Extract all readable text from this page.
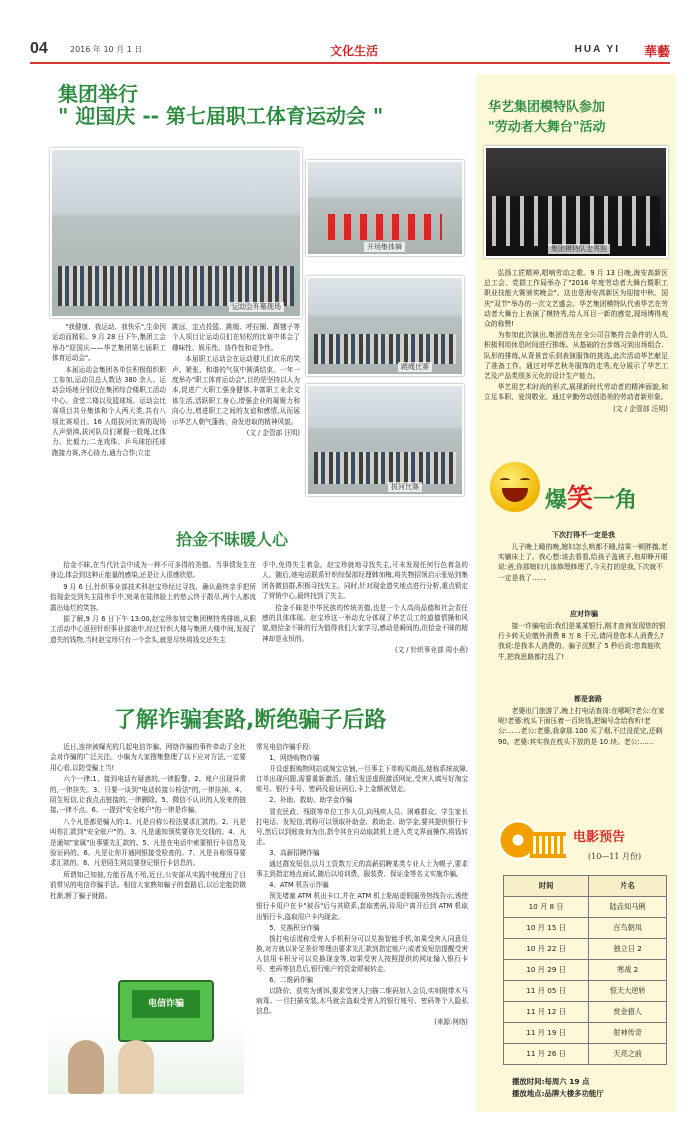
04	2016 年 10 月 1 日	文化生活	HUA YI 華藝
集团举行
" 迎国庆 -- 第七届职工体育运动会 "
运动会开幕现场
开场集体舞
跳绳比赛
拔河比赛

"我健康、我运动、我快乐",生命因运动而精彩。9 月 28 日下午,集团工会举办"迎国庆——华艺集团第七届职工体育运动会"。

本届运动会集团各单位积极组织职工参加,运动员总人数达 380 余人。运动会场地分别设在集团综合楼职工活动中心、食堂二楼以及篮球场。运动会比赛项目共分集体和个人两大类,共有八项比赛项目。16 人组拔河比赛的现场人声鼎沸,拔河队员们紧握一股绳,比体力、比毅力;二龙戏珠、乒乓球拍托球跑接力赛,齐心协力,通力合作;立定

跳远、定点投篮、跳绳、呼拉圈、踢毽子等个人项目让运动员们在轻松的比赛中体会了趣味性、娱乐性、协作性和竞争性。

本届职工运动会在运动健儿们欢乐的笑声、紧张、和谐的气氛中圆满结束。一年一度举办"职工体育运动会",目的是坚持以人为本,促进广大职工强身健体,丰富职工业余文体生活,活跃职工身心,增强企业的凝聚力和向心力,增进职工之间的友谊和感情,从而展示华艺人朝气蓬勃、奋发进取的精神风貌。

(文 / 企管部 汪明)

拾金不昧暖人心

拾金不昧,在当代社会中成为一种不可多得的美德。当事情发生在身边,体会到这种正能量的感染,还是让人很感欣慰。

9 月 6 日,针织事业部技术科赵宝珍经过寻找、确认最终亲手把所拾现金交到失主陆伟手中,宛莱在陆伟脸上的愁云终于散尽,两个人都流露出灿烂的笑容。

据了解,9 月 6 日下午 13:00,赵宝珍参加完集团模特秀排练,从职工活动中心返回针织事业部途中,经过针织大楼与集团大楼中间,发现了遗失的钱物,当时赵宝珍只有一个念头,就是尽快将钱交还失主

手中,免得失主着急。赵宝珍就地寻找失主,可未发现任何行色着急的人。随后,她电话联系针织综保部经理韩加梅,将失物招领启示张贴到集团各微信群,积极寻找失主。同时,针对现金遗失地点进行分析,重点锁定了营销中心,最终找到了失主。

拾金不昧是中华民族的传统美德,也是一个人高尚品德和社会责任感的具体体现。赵宝珍这一举动充分体现了华艺员工的道德情操和风貌,她拾金不昧的行为值得我们大家学习,感动是瞬间的,但拾金不昧的精神却是永恒的。

(文 / 针织事业部 周小燕)

了解诈骗套路,断绝骗子后路

近日,连续被曝光的几起电信诈骗、网络诈骗的事件牵动了全社会对诈骗的广泛关注。小编为大家搜集整理了以下应对方法,一定要用心看,以防受骗上当!

六个一律:1、接到电话有疑惑的,一律报警。2、账户出现异常的,一律挂失。3、只要一谈到"电话转接公检法"的,一律挂掉。4、陌生短信,让我点击链接的,一律删除。5、微信不认识的人发来的链接,一律不点。6、一提到"安全账户"的一律是诈骗。

八个凡是都是骗人的:1、凡是自称公检法要求汇款的。2、凡是叫你汇款到"安全账户"的。3、凡是通知领奖要你先交钱的。4、凡是通知"家属"出事要先汇款的。5、凡是在电话中索要银行卡信息及验证码的。6、凡是让你开通网银接受检查的。7、凡是自称领导要求汇款的。8、凡是陌生网站要登记银行卡信息的。

所谓知己知彼,方能百战不殆,近日,公安部从实践中梳理出了目前常见的电信诈骗手法。相信大家熟知骗子的套路后,以后定能防微杜渐,断了骗子财路。

电信诈骗

常见电信诈骗手段:

1、网络购物诈骗

开设虚假购物网站或淘宝店铺,一旦事主下单购买商品,便称系统故障,订单出现问题,需要重新激活。随后发送虚假激活网址,受害人填写好淘宝账号、银行卡号、密码及验证码后,卡上金额被划走。

2、补助、救助、助学金诈骗

冒充民政、残联等单位工作人员,向残疾人员、困难群众、学生家长打电话、发短信,谎称可以领取补助金、救助金、助学金,要其提供银行卡号,然后以到账查询为由,指令其在自动取款机上进入英文界面操作,将钱转走。

3、高薪招聘诈骗

通过群发短信,以月工资数万元的高薪招聘某类专业人士为幌子,要求事主到指定地点面试,随后以培训费、服装费、保证金等名义实施诈骗。

4、ATM 机告示诈骗

预先堵塞 ATM 机出卡口,并在 ATM 机上粘贴虚假服务热线告示,诱使银行卡用户在卡"被吞"后与其联系,套取密码,待用户离开后到 ATM 机取出银行卡,盗取用户卡内现金。

5、兑换积分诈骗

拨打电话谎称受害人手机积分可以兑换智能手机,如果受害人同意兑换,对方就以补足差价等理由要求先汇款到指定账户;或者发短信提醒受害人信用卡积分可以兑换现金等,如果受害人按照提供的网址输入银行卡号、密码等信息后,银行账户的资金即被转走。

6、二维码诈骗

以降价、获奖为诱饵,要求受害人扫描二维码加入会员,实则附带木马病毒。一旦扫描安装,木马就会盗取受害人的银行账号、密码等个人隐私信息。

(来源:网络)

华艺集团模特队参加
"劳动者大舞台"活动
集团模特队走秀照

弘扬工匠精神,唱响劳动之歌。9 月 13 日晚,海安高新区总工会、党群工作局举办了"2016 年度劳动者大舞台暨职工职业技能大赛颁奖晚会"。这也是海安高新区为迎接中秋、国庆"双节"举办的一次文艺盛会。华艺集团模特队代表华艺在劳动者大舞台上表演了模特秀,给人耳目一新的感觉,现场博得观众的称赞!

为参加此次演出,集团首先在全公司召集符合条件的人员,积极利用休息时间进行排练。从基础的台步练习到出场组合、队形的排练,从背景音乐到表演服饰的挑选,此次活动华艺献足了准备工作。通过对华艺秋冬服饰的走秀,充分展示了华艺工艺及产品类别多元化的设计生产能力。

华艺用艺术时尚的形式,展现新时代劳动者的精神面貌,和立足本职、爱岗敬业、通过辛勤劳动创造美的劳动者新形象。

(文 / 企管部 汪明)

爆笑一角
下次打得不一定是我
儿子晚上睡的晚,媳妇怎么哄都不睡,结果一顿胖揍,老实躺床上了。我心想:该去看看,给孩子盖被子,他却睁开眼说:爸,你那媳妇儿该修理修理了,今天打的是我,下次就不一定是我了……
应对诈骗
接一诈骗电话:我们是某某银行,刚才查询发现您的银行卡转天应缴外消费 8 万 8 千元,请问是您本人消费么?我说:是我本人消费的。骗子沉默了 5 秒后说:您真能吹牛,把我思路都打乱了!
都是套路
老婆出门旅游了,晚上打电话查岗:在哪呢?老公:在家呢!老婆:枕头下面压着一百块钱,把编号念给我听!老公:……老公:老婆,我拿那 100 买了烟,不过没花完,还剩 90。老婆:其实我在枕头下放的是 10 块。老公:……
电影预告
(10—11 月份)
时间	片名
10 月 8 日	陆垚知马俐
10 月 15 日	百鸟朝凤
10 月 22 日	独立日 2
10 月 29 日	寒战 2
11 月 05 日	惊天大逆转
11 月 12 日	赏金猎人
11 月 19 日	射神传奇
11 月 26 日	天亮之前
播放时间:每周六 19 点
播放地点:品牌大楼多功能厅
